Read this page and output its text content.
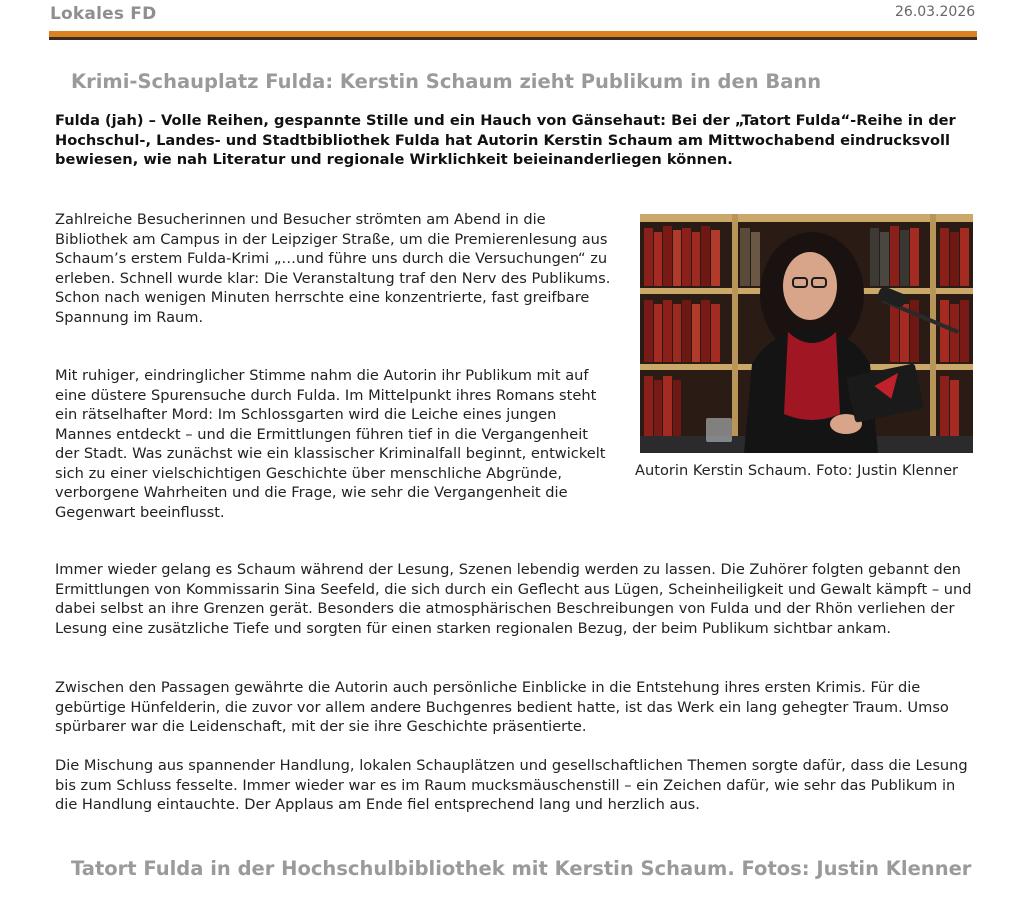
Lokales FD	26.03.2026
Krimi-Schauplatz Fulda: Kerstin Schaum zieht Publikum in den Bann

Fulda (jah) – Volle Reihen, gespannte Stille und ein Hauch von Gänsehaut: Bei der „Tatort Fulda“-Reihe in der Hochschul-, Landes- und Stadtbibliothek Fulda hat Autorin Kerstin Schaum am Mittwochabend eindrucksvoll bewiesen, wie nah Literatur und regionale Wirklichkeit beieinanderliegen können.

Zahlreiche Besucherinnen und Besucher strömten am Abend in die Bibliothek am Campus in der Leipziger Straße, um die Premierenlesung aus Schaum’s erstem Fulda-Krimi „…und führe uns durch die Versuchungen“ zu erleben. Schnell wurde klar: Die Veranstaltung traf den Nerv des Publikums. Schon nach wenigen Minuten herrschte eine konzentrierte, fast greifbare Spannung im Raum.

Mit ruhiger, eindringlicher Stimme nahm die Autorin ihr Publikum mit auf eine düstere Spurensuche durch Fulda. Im Mittelpunkt ihres Romans steht ein rätselhafter Mord: Im Schlossgarten wird die Leiche eines jungen Mannes entdeckt – und die Ermittlungen führen tief in die Vergangenheit der Stadt. Was zunächst wie ein klassischer Kriminalfall beginnt, entwickelt sich zu einer vielschichtigen Geschichte über menschliche Abgründe, verborgene Wahrheiten und die Frage, wie sehr die Vergangenheit die Gegenwart beeinflusst.

Autorin Kerstin Schaum. Foto: Justin Klenner

Immer wieder gelang es Schaum während der Lesung, Szenen lebendig werden zu lassen. Die Zuhörer folgten gebannt den Ermittlungen von Kommissarin Sina Seefeld, die sich durch ein Geflecht aus Lügen, Scheinheiligkeit und Gewalt kämpft – und dabei selbst an ihre Grenzen gerät. Besonders die atmosphärischen Beschreibungen von Fulda und der Rhön verliehen der Lesung eine zusätzliche Tiefe und sorgten für einen starken regionalen Bezug, der beim Publikum sichtbar ankam.

Zwischen den Passagen gewährte die Autorin auch persönliche Einblicke in die Entstehung ihres ersten Krimis. Für die gebürtige Hünfelderin, die zuvor vor allem andere Buchgenres bedient hatte, ist das Werk ein lang gehegter Traum. Umso spürbarer war die Leidenschaft, mit der sie ihre Geschichte präsentierte.

Die Mischung aus spannender Handlung, lokalen Schauplätzen und gesellschaftlichen Themen sorgte dafür, dass die Lesung bis zum Schluss fesselte. Immer wieder war es im Raum mucksmäuschenstill – ein Zeichen dafür, wie sehr das Publikum in die Handlung eintauchte. Der Applaus am Ende fiel entsprechend lang und herzlich aus.

Tatort Fulda in der Hochschulbibliothek mit Kerstin Schaum. Fotos: Justin Klenner
